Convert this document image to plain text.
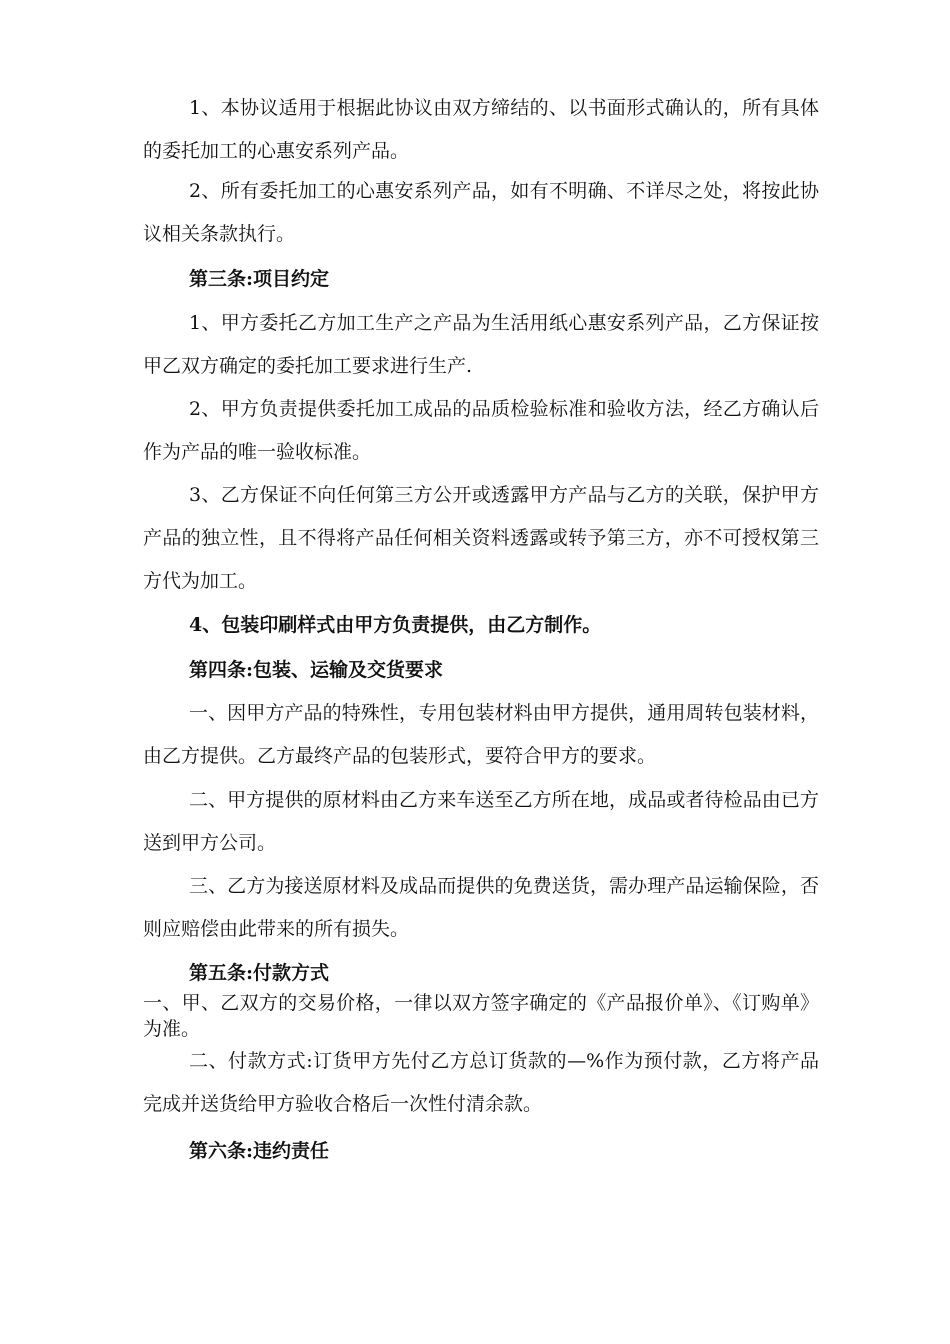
1、本协议适用于根据此协议由双方缔结的、以书面形式确认的，所有具体的委托加工的心惠安系列产品。

2、所有委托加工的心惠安系列产品，如有不明确、不详尽之处，将按此协议相关条款执行。

第三条:项目约定

1、甲方委托乙方加工生产之产品为生活用纸心惠安系列产品，乙方保证按甲乙双方确定的委托加工要求进行生产.

2、甲方负责提供委托加工成品的品质检验标准和验收方法，经乙方确认后作为产品的唯一验收标准。

3、乙方保证不向任何第三方公开或透露甲方产品与乙方的关联，保护甲方产品的独立性，且不得将产品任何相关资料透露或转予第三方，亦不可授权第三方代为加工。

4、包装印刷样式由甲方负责提供，由乙方制作。

第四条:包装、运输及交货要求

一、因甲方产品的特殊性，专用包装材料由甲方提供，通用周转包装材料，由乙方提供。乙方最终产品的包装形式，要符合甲方的要求。

二、甲方提供的原材料由乙方来车送至乙方所在地，成品或者待检品由已方送到甲方公司。

三、乙方为接送原材料及成品而提供的免费送货，需办理产品运输保险，否则应赔偿由此带来的所有损失。

第五条:付款方式

一、甲、乙双方的交易价格，一律以双方签字确定的《产品报价单》、《订购单》为准。

二、付款方式:订货甲方先付乙方总订货款的—%作为预付款，乙方将产品完成并送货给甲方验收合格后一次性付清余款。

第六条:违约责任
